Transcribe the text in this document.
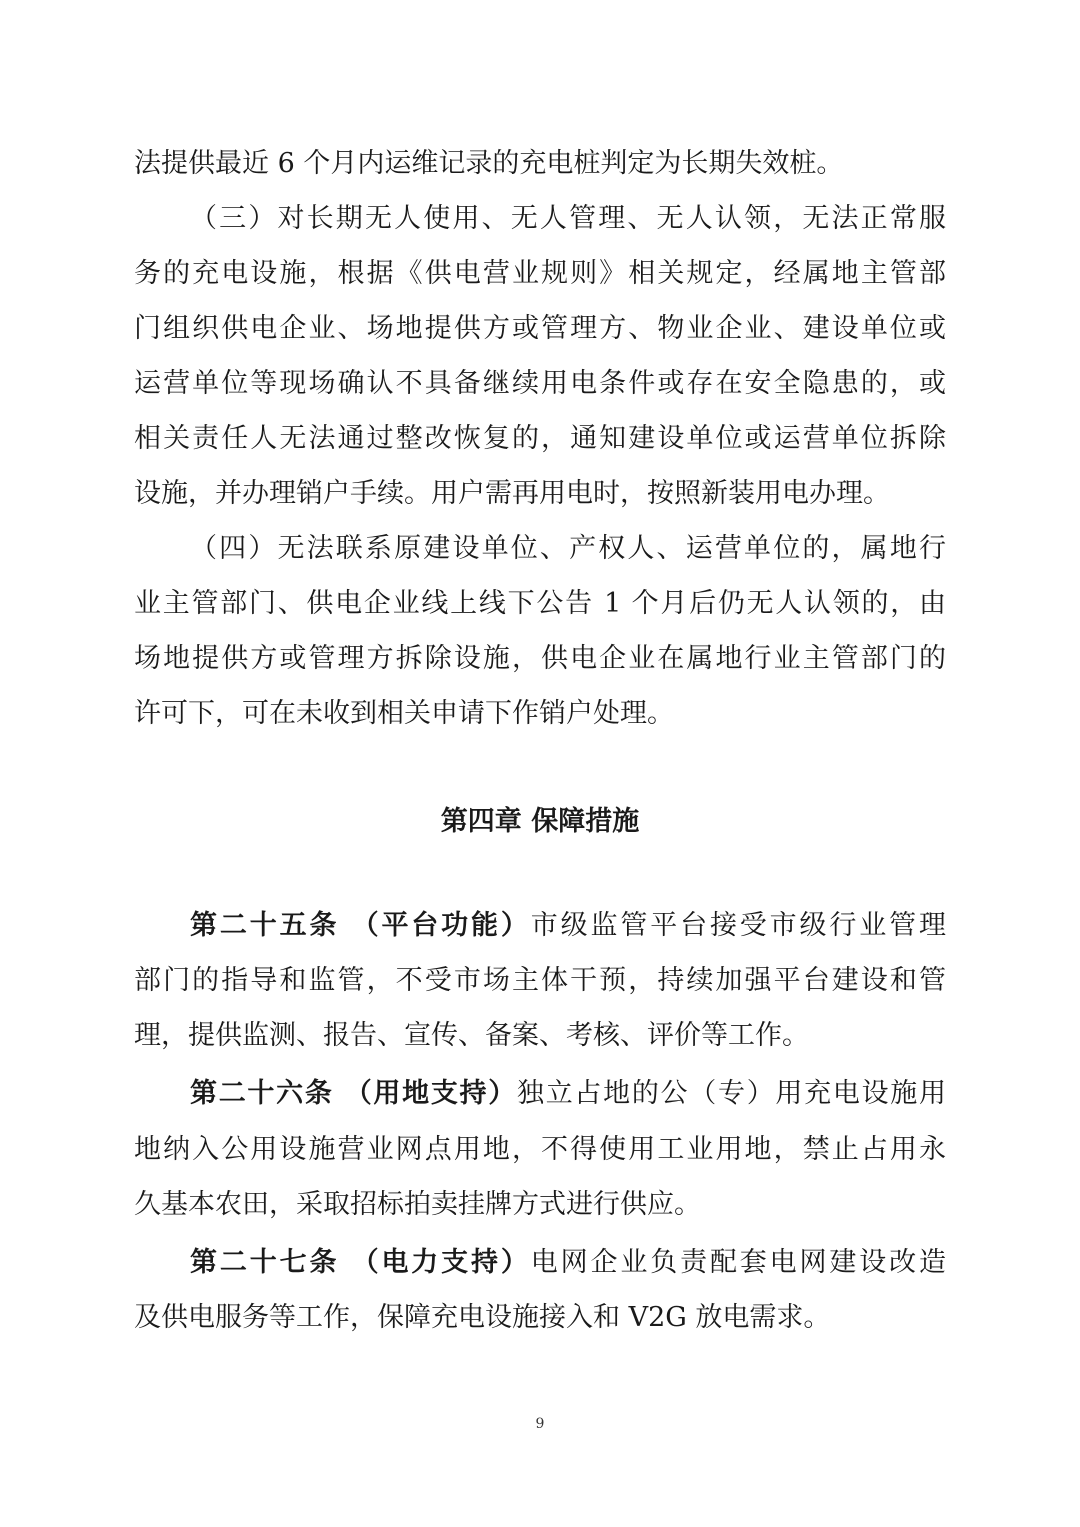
法提供最近 6 个月内运维记录的充电桩判定为长期失效桩。
（三）对长期无人使用、无人管理、无人认领，无法正常服
务的充电设施，根据《供电营业规则》相关规定，经属地主管部
门组织供电企业、场地提供方或管理方、物业企业、建设单位或
运营单位等现场确认不具备继续用电条件或存在安全隐患的，或
相关责任人无法通过整改恢复的，通知建设单位或运营单位拆除
设施，并办理销户手续。用户需再用电时，按照新装用电办理。
（四）无法联系原建设单位、产权人、运营单位的，属地行
业主管部门、供电企业线上线下公告 1 个月后仍无人认领的，由
场地提供方或管理方拆除设施，供电企业在属地行业主管部门的
许可下，可在未收到相关申请下作销户处理。
第四章 保障措施
第二十五条 （平台功能）市级监管平台接受市级行业管理
部门的指导和监管，不受市场主体干预，持续加强平台建设和管
理，提供监测、报告、宣传、备案、考核、评价等工作。
第二十六条 （用地支持）独立占地的公（专）用充电设施用
地纳入公用设施营业网点用地，不得使用工业用地，禁止占用永
久基本农田，采取招标拍卖挂牌方式进行供应。
第二十七条 （电力支持）电网企业负责配套电网建设改造
及供电服务等工作，保障充电设施接入和 V2G 放电需求。
9
